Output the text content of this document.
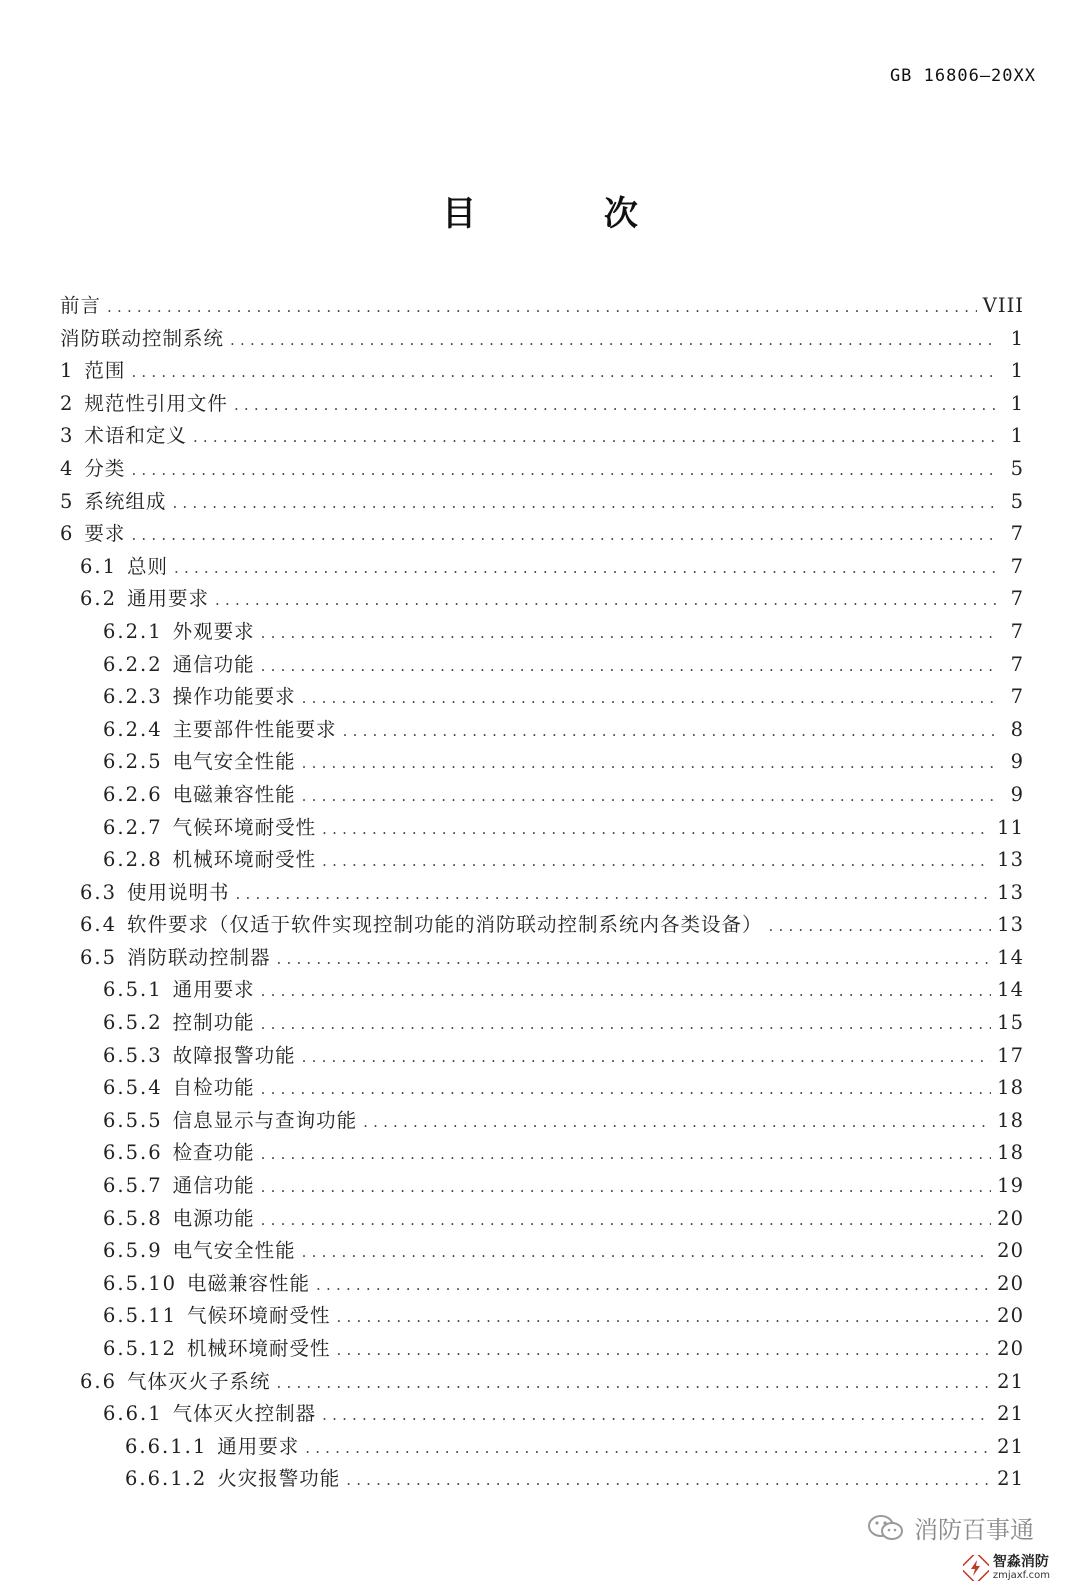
GB 16806—20XX
目 次
前言 .....	VIII
消防联动控制系统 .....	1
1 范围 .....	1
2 规范性引用文件 .....	1
3 术语和定义 .....	1
4 分类 .....	5
5 系统组成 .....	5
6 要求 .....	7
6.1 总则 .....	7
6.2 通用要求 .....	7
6.2.1 外观要求 .....	7
6.2.2 通信功能 .....	7
6.2.3 操作功能要求 .....	7
6.2.4 主要部件性能要求 .....	8
6.2.5 电气安全性能 .....	9
6.2.6 电磁兼容性能 .....	9
6.2.7 气候环境耐受性 .....	11
6.2.8 机械环境耐受性 .....	13
6.3 使用说明书 .....	13
6.4 软件要求（仅适于软件实现控制功能的消防联动控制系统内各类设备） .....	13
6.5 消防联动控制器 .....	14
6.5.1 通用要求 .....	14
6.5.2 控制功能 .....	15
6.5.3 故障报警功能 .....	17
6.5.4 自检功能 .....	18
6.5.5 信息显示与查询功能 .....	18
6.5.6 检查功能 .....	18
6.5.7 通信功能 .....	19
6.5.8 电源功能 .....	20
6.5.9 电气安全性能 .....	20
6.5.10 电磁兼容性能 .....	20
6.5.11 气候环境耐受性 .....	20
6.5.12 机械环境耐受性 .....	20
6.6 气体灭火子系统 .....	21
6.6.1 气体灭火控制器 .....	21
6.6.1.1 通用要求 .....	21
6.6.1.2 火灾报警功能 .....	21
消防百事通
智淼消防
zmjaxf.com
